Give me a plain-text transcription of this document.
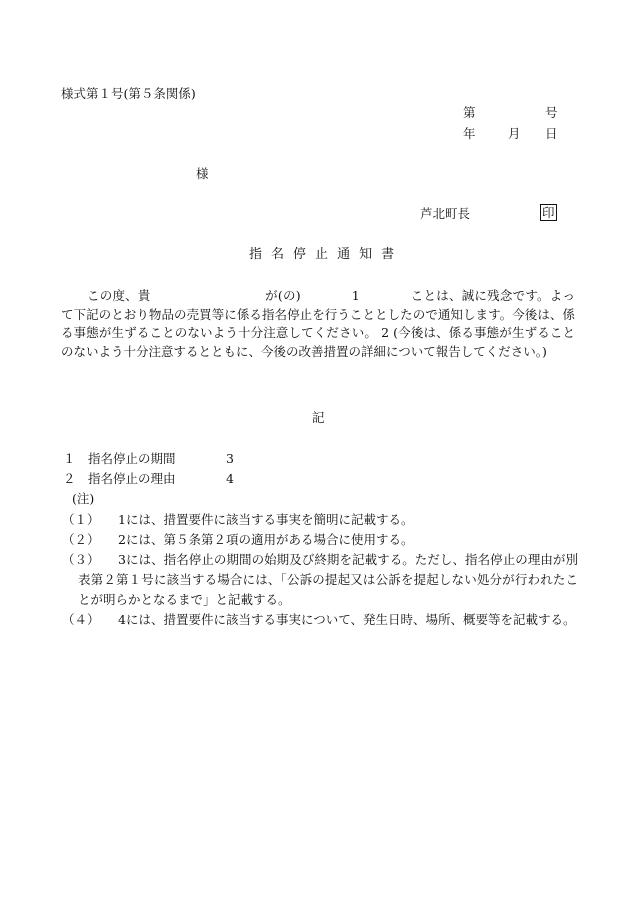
様式第１号(第５条関係)
第	号
年	月 日
様
芦北町長	印
指 名 停 止 通 知 書
この度、貴　　　　　　　　　が(の)　　　　1　　　　ことは、誠に残念です。よって下記のとおり物品の売買等に係る指名停止を行うこととしたので通知します。今後は、係る事態が生ずることのないよう十分注意してください。 2 (今後は、係る事態が生ずることのないよう十分注意するとともに、今後の改善措置の詳細について報告してください。)
記
１ 指名停止の期間	3
２ 指名停止の理由	4
(注)
（１）	1には、措置要件に該当する事実を簡明に記載する。
（２）	2には、第５条第２項の適用がある場合に使用する。
（３）	3には、指名停止の期間の始期及び終期を記載する。ただし、指名停止の理由が別表第２第１号に該当する場合には、「公訴の提起又は公訴を提起しない処分が行われたことが明らかとなるまで」と記載する。
（４）	4には、措置要件に該当する事実について、発生日時、場所、概要等を記載する。
